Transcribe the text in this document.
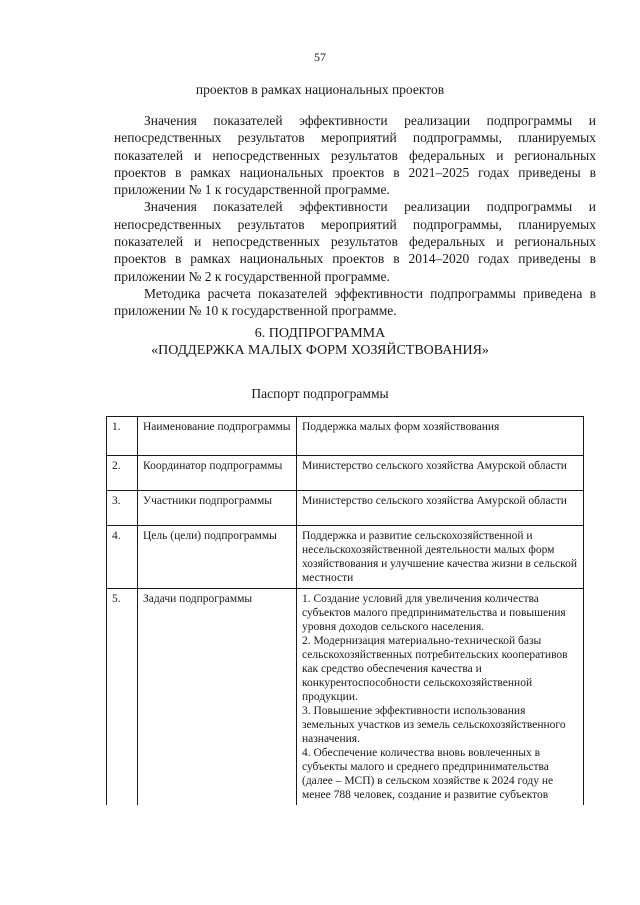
57
проектов в рамках национальных проектов

Значения показателей эффективности реализации подпрограммы и непосредственных результатов мероприятий подпрограммы, планируемых показателей и непосредственных результатов федеральных и региональных проектов в рамках национальных проектов в 2021–2025 годах приведены в приложении № 1 к государственной программе.

Значения показателей эффективности реализации подпрограммы и непосредственных результатов мероприятий подпрограммы, планируемых показателей и непосредственных результатов федеральных и региональных проектов в рамках национальных проектов в 2014–2020 годах приведены в приложении № 2 к государственной программе.

Методика расчета показателей эффективности подпрограммы приведена в приложении № 10 к государственной программе.

6. ПОДПРОГРАММА
«ПОДДЕРЖКА МАЛЫХ ФОРМ ХОЗЯЙСТВОВАНИЯ»
Паспорт подпрограммы
1.	Наименование подпрограммы	Поддержка малых форм хозяйствования
2.	Координатор подпрограммы	Министерство сельского хозяйства Амурской области
3.	Участники подпрограммы	Министерство сельского хозяйства Амурской области
4.	Цель (цели) подпрограммы	Поддержка и развитие сельскохозяйственной и несельскохозяйственной деятельности малых форм хозяйствования и улучшение качества жизни в сельской местности
5.	Задачи подпрограммы	1. Создание условий для увеличения количества субъектов малого предпринимательства и повышения уровня доходов сельского населения.
2. Модернизация материально-технической базы сельскохозяйственных потребительских кооперативов как средство обеспечения качества и конкурентоспособности сельскохозяйственной продукции.
3. Повышение эффективности использования земельных участков из земель сельскохозяйственного назначения.
4. Обеспечение количества вновь вовлеченных в субъекты малого и среднего предпринимательства (далее – МСП) в сельском хозяйстве к 2024 году не менее 788 человек, создание и развитие субъектов
